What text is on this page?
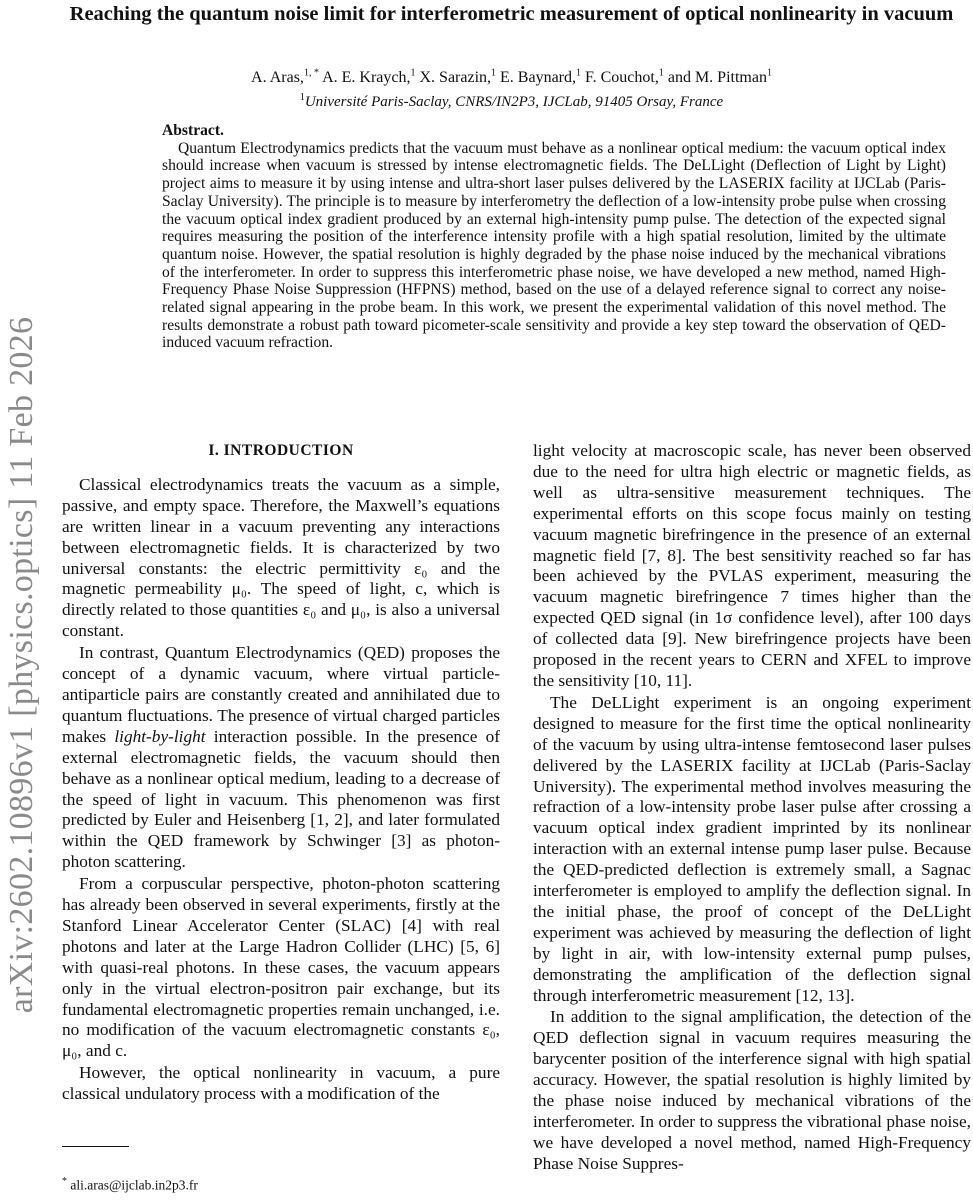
arXiv:2602.10896v1 [physics.optics] 11 Feb 2026
Reaching the quantum noise limit for interferometric measurement of optical nonlinearity in vacuum
A. Aras,$^{1, *}$ A. E. Kraych,$^1$ X. Sarazin,$^1$ E. Baynard,$^1$ F. Couchot,$^1$ and M. Pittman$^1$
$^1$Université Paris-Saclay, CNRS/IN2P3, IJCLab, 91405 Orsay, France
Abstract.

Quantum Electrodynamics predicts that the vacuum must behave as a nonlinear optical medium: the vacuum optical index should increase when vacuum is stressed by intense electromagnetic fields. The DeLLight (Deflection of Light by Light) project aims to measure it by using intense and ultra-short laser pulses delivered by the LASERIX facility at IJCLab (Paris-Saclay University). The principle is to measure by interferometry the deflection of a low-intensity probe pulse when crossing the vacuum optical index gradient produced by an external high-intensity pump pulse. The detection of the expected signal requires measuring the position of the interference intensity profile with a high spatial resolution, limited by the ultimate quantum noise. However, the spatial resolution is highly degraded by the phase noise induced by the mechanical vibrations of the interferometer. In order to suppress this interferometric phase noise, we have developed a new method, named High-Frequency Phase Noise Suppression (HFPNS) method, based on the use of a delayed reference signal to correct any noise-related signal appearing in the probe beam. In this work, we present the experimental validation of this novel method. The results demonstrate a robust path toward picometer-scale sensitivity and provide a key step toward the observation of QED-induced vacuum refraction.

I. INTRODUCTION

Classical electrodynamics treats the vacuum as a simple, passive, and empty space. Therefore, the Maxwell’s equations are written linear in a vacuum preventing any interactions between electromagnetic fields. It is characterized by two universal constants: the electric permittivity ε₀ and the magnetic permeability μ₀. The speed of light, c, which is directly related to those quantities ε₀ and μ₀, is also a universal constant.

In contrast, Quantum Electrodynamics (QED) proposes the concept of a dynamic vacuum, where virtual particle-antiparticle pairs are constantly created and annihilated due to quantum fluctuations. The presence of virtual charged particles makes light-by-light interaction possible. In the presence of external electromagnetic fields, the vacuum should then behave as a nonlinear optical medium, leading to a decrease of the speed of light in vacuum. This phenomenon was first predicted by Euler and Heisenberg [1, 2], and later formulated within the QED framework by Schwinger [3] as photon-photon scattering.

From a corpuscular perspective, photon-photon scattering has already been observed in several experiments, firstly at the Stanford Linear Accelerator Center (SLAC) [4] with real photons and later at the Large Hadron Collider (LHC) [5, 6] with quasi-real photons. In these cases, the vacuum appears only in the virtual electron-positron pair exchange, but its fundamental electromagnetic properties remain unchanged, i.e. no modification of the vacuum electromagnetic constants ε₀, μ₀, and c.

However, the optical nonlinearity in vacuum, a pure classical undulatory process with a modification of the

light velocity at macroscopic scale, has never been observed due to the need for ultra high electric or magnetic fields, as well as ultra-sensitive measurement techniques. The experimental efforts on this scope focus mainly on testing vacuum magnetic birefringence in the presence of an external magnetic field [7, 8]. The best sensitivity reached so far has been achieved by the PVLAS experiment, measuring the vacuum magnetic birefringence 7 times higher than the expected QED signal (in 1σ confidence level), after 100 days of collected data [9]. New birefringence projects have been proposed in the recent years to CERN and XFEL to improve the sensitivity [10, 11].

The DeLLight experiment is an ongoing experiment designed to measure for the first time the optical nonlinearity of the vacuum by using ultra-intense femtosecond laser pulses delivered by the LASERIX facility at IJCLab (Paris-Saclay University). The experimental method involves measuring the refraction of a low-intensity probe laser pulse after crossing a vacuum optical index gradient imprinted by its nonlinear interaction with an external intense pump laser pulse. Because the QED-predicted deflection is extremely small, a Sagnac interferometer is employed to amplify the deflection signal. In the initial phase, the proof of concept of the DeLLight experiment was achieved by measuring the deflection of light by light in air, with low-intensity external pump pulses, demonstrating the amplification of the deflection signal through interferometric measurement [12, 13].

In addition to the signal amplification, the detection of the QED deflection signal in vacuum requires measuring the barycenter position of the interference signal with high spatial accuracy. However, the spatial resolution is highly limited by the phase noise induced by mechanical vibrations of the interferometer. In order to suppress the vibrational phase noise, we have developed a novel method, named High-Frequency Phase Noise Suppres-

* ali.aras@ijclab.in2p3.fr
